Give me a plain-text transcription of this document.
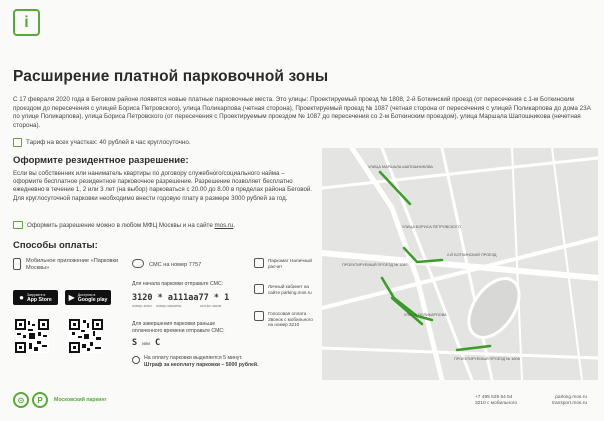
i
Расширение платной парковочной зоны
С 17 февраля 2020 года в Беговом районе появятся новые платные парковочные места. Это улицы: Проектируемый проезд № 1808, 2-й Боткинский проезд (от пересечения с 1-м Боткинским проездом до пересечения с улицей Бориса Петровского), улица Поликарпова (четная сторона), Проектируемый проезд № 1087 (четная сторона от пересечения с улицей Поликарпова до дома 23А по улице Поликарпова), улица Бориса Петровского (от пересечения с Проектируемым проездом № 1087 до пересечения со 2-м Боткинским проездом), улица Маршала Шапошникова (нечетная сторона).
Тариф на всех участках: 40 рублей в час круглосуточно.
Оформите резидентное разрешение:
Если вы собственник или наниматель квартиры по договору служебного/социального найма – оформите бесплатное резидентное парковочное разрешение. Разрешение позволяет бесплатно ежедневно в течение 1, 2 или 3 лет (на выбор) парковаться с 20.00 до 8.00 в пределах района Беговой. Для круглосуточной парковки необходимо внести годовую плату в размере 3000 рублей за год.
Оформить разрешение можно в любом МФЦ Москвы и на сайте mos.ru.
Способы оплаты:
Мобильное приложение «Парковки Москвы»
● Загрузите в
App Store ▶ Доступно в
Google play
СМС на номер 7757
Для начала парковки отправьте СМС:
3120 * a111aa77 * 1
номер зоны	номер машины	кол-во часов
Для завершения парковки раньше оплаченного времени отправьте СМС:
S или C
На оплату парковки выделяется 5 минут.
Штраф за неоплату парковки – 5000 рублей.
Паркомат Наличный расчет
Личный кабинет на сайте parking.mos.ru
Голосовая оплата Звонок с мобильного на номер 3210
УЛИЦА МАРШАЛА ШАПОШНИКОВА
УЛИЦА БОРИСА ПЕТРОВСКОГО
2-Й БОТКИНСКИЙ ПРОЕЗД
ПРОЕКТИРУЕМЫЙ ПРОЕЗД № 1087
УЛИЦА ПОЛИКАРПОВА
ПРОЕКТИРУЕМЫЙ ПРОЕЗД № 1808
⊙	P	Московский паркинг	+7 495 539 54 54	parking.mos.ru
3210 с мобильного	transport.mos.ru
